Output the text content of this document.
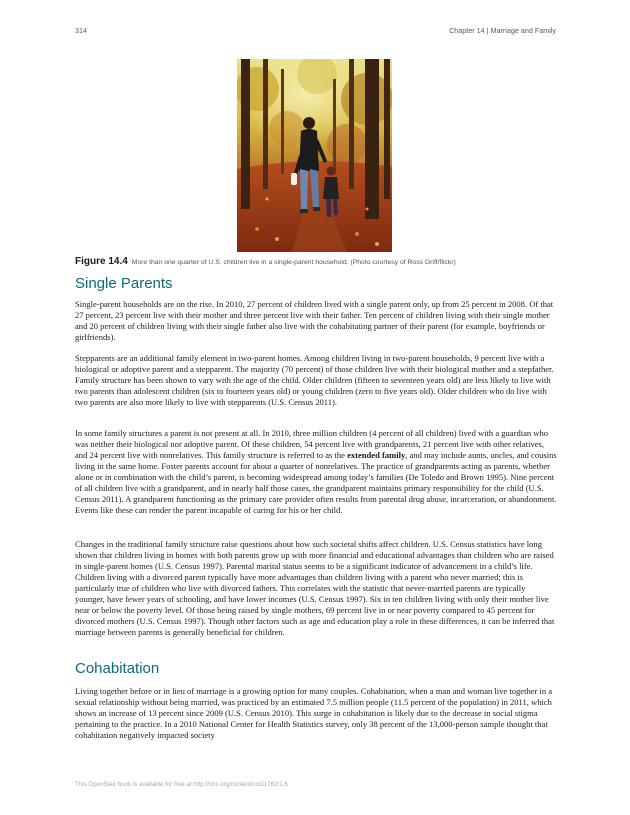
314	Chapter 14 | Marriage and Family
Figure 14.4 More than one quarter of U.S. children live in a single-parent household. (Photo courtesy of Ross Griff/flickr)
Single Parents

Single-parent households are on the rise. In 2010, 27 percent of children lived with a single parent only, up from 25 percent in 2008. Of that 27 percent, 23 percent live with their mother and three percent live with their father. Ten percent of children living with their single mother and 20 percent of children living with their single father also live with the cohabitating partner of their parent (for example, boyfriends or girlfriends).

Stepparents are an additional family element in two-parent homes. Among children living in two-parent households, 9 percent live with a biological or adoptive parent and a stepparent. The majority (70 percent) of those children live with their biological mother and a stepfather. Family structure has been shown to vary with the age of the child. Older children (fifteen to seventeen years old) are less likely to live with two parents than adolescent children (six to fourteen years old) or young children (zero to five years old). Older children who do live with two parents are also more likely to live with stepparents (U.S. Census 2011).

In some family structures a parent is not present at all. In 2010, three million children (4 percent of all children) lived with a guardian who was neither their biological nor adoptive parent. Of these children, 54 percent live with grandparents, 21 percent live with other relatives, and 24 percent live with nonrelatives. This family structure is referred to as the extended family, and may include aunts, uncles, and cousins living in the same home. Foster parents account for about a quarter of nonrelatives. The practice of grandparents acting as parents, whether alone or in combination with the child’s parent, is becoming widespread among today’s families (De Toledo and Brown 1995). Nine percent of all children live with a grandparent, and in nearly half those cases, the grandparent maintains primary responsibility for the child (U.S. Census 2011). A grandparent functioning as the primary care provider often results from parental drug abuse, incarceration, or abandonment. Events like these can render the parent incapable of caring for his or her child.

Changes in the traditional family structure raise questions about how such societal shifts affect children. U.S. Census statistics have long shown that children living in homes with both parents grow up with more financial and educational advantages than children who are raised in single-parent homes (U.S. Census 1997). Parental marital status seems to be a significant indicator of advancement in a child’s life. Children living with a divorced parent typically have more advantages than children living with a parent who never married; this is particularly true of children who live with divorced fathers. This correlates with the statistic that never-married parents are typically younger, have fewer years of schooling, and have lower incomes (U.S. Census 1997). Six in ten children living with only their mother live near or below the poverty level. Of those being raised by single mothers, 69 percent live in or near poverty compared to 45 percent for divorced mothers (U.S. Census 1997). Though other factors such as age and education play a role in these differences, it can be inferred that marriage between parents is generally beneficial for children.

Cohabitation

Living together before or in lieu of marriage is a growing option for many couples. Cohabitation, when a man and woman live together in a sexual relationship without being married, was practiced by an estimated 7.5 million people (11.5 percent of the population) in 2011, which shows an increase of 13 percent since 2009 (U.S. Census 2010). This surge in cohabitation is likely due to the decrease in social stigma pertaining to the practice. In a 2010 National Center for Health Statistics survey, only 38 percent of the 13,000-person sample thought that cohabitation negatively impacted society

This OpenStax book is available for free at http://cnx.org/content/col11762/1.6
